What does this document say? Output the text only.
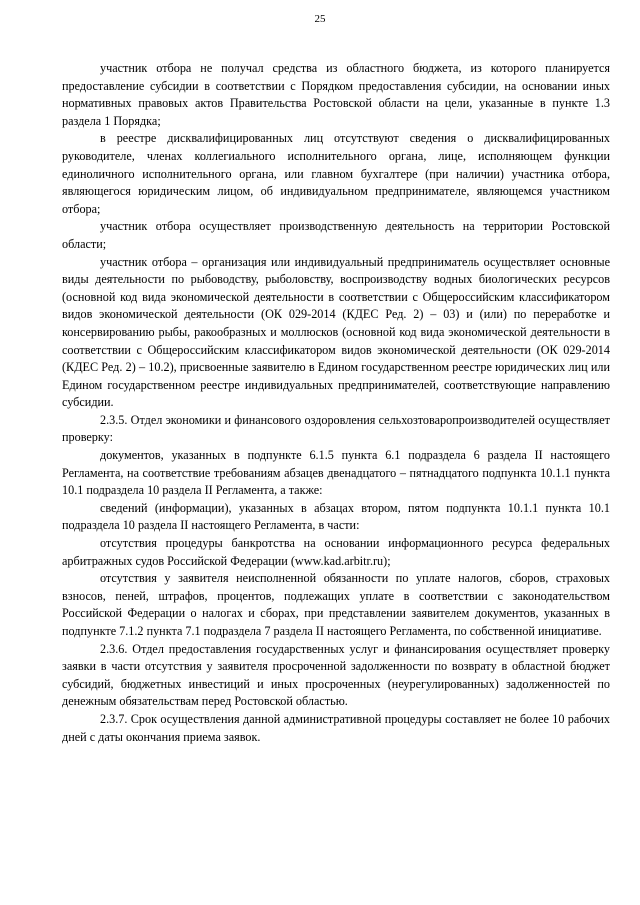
25

участник отбора не получал средства из областного бюджета, из которого планируется предоставление субсидии в соответствии с Порядком предоставления субсидии, на основании иных нормативных правовых актов Правительства Ростовской области на цели, указанные в пункте 1.3 раздела 1 Порядка;

в реестре дисквалифицированных лиц отсутствуют сведения о дисквалифицированных руководителе, членах коллегиального исполнительного органа, лице, исполняющем функции единоличного исполнительного органа, или главном бухгалтере (при наличии) участника отбора, являющегося юридическим лицом, об индивидуальном предпринимателе, являющемся участником отбора;

участник отбора осуществляет производственную деятельность на территории Ростовской области;

участник отбора – организация или индивидуальный предприниматель осуществляет основные виды деятельности по рыбоводству, рыболовству, воспроизводству водных биологических ресурсов (основной код вида экономической деятельности в соответствии с Общероссийским классификатором видов экономической деятельности (ОК 029-2014 (КДЕС Ред. 2) – 03) и (или) по переработке и консервированию рыбы, ракообразных и моллюсков (основной код вида экономической деятельности в соответствии с Общероссийским классификатором видов экономической деятельности (ОК 029-2014 (КДЕС Ред. 2) – 10.2), присвоенные заявителю в Едином государственном реестре юридических лиц или Едином государственном реестре индивидуальных предпринимателей, соответствующие направлению субсидии.

2.3.5. Отдел экономики и финансового оздоровления сельхозтоваропроизводителей осуществляет проверку:

документов, указанных в подпункте 6.1.5 пункта 6.1 подраздела 6 раздела II настоящего Регламента, на соответствие требованиям абзацев двенадцатого – пятнадцатого подпункта 10.1.1 пункта 10.1 подраздела 10 раздела II Регламента, а также:

сведений (информации), указанных в абзацах втором, пятом подпункта 10.1.1 пункта 10.1 подраздела 10 раздела II настоящего Регламента, в части:

отсутствия процедуры банкротства на основании информационного ресурса федеральных арбитражных судов Российской Федерации (www.kad.arbitr.ru);

отсутствия у заявителя неисполненной обязанности по уплате налогов, сборов, страховых взносов, пеней, штрафов, процентов, подлежащих уплате в соответствии с законодательством Российской Федерации о налогах и сборах, при представлении заявителем документов, указанных в подпункте 7.1.2 пункта 7.1 подраздела 7 раздела II настоящего Регламента, по собственной инициативе.

2.3.6. Отдел предоставления государственных услуг и финансирования осуществляет проверку заявки в части отсутствия у заявителя просроченной задолженности по возврату в областной бюджет субсидий, бюджетных инвестиций и иных просроченных (неурегулированных) задолженностей по денежным обязательствам перед Ростовской областью.

2.3.7. Срок осуществления данной административной процедуры составляет не более 10 рабочих дней с даты окончания приема заявок.
